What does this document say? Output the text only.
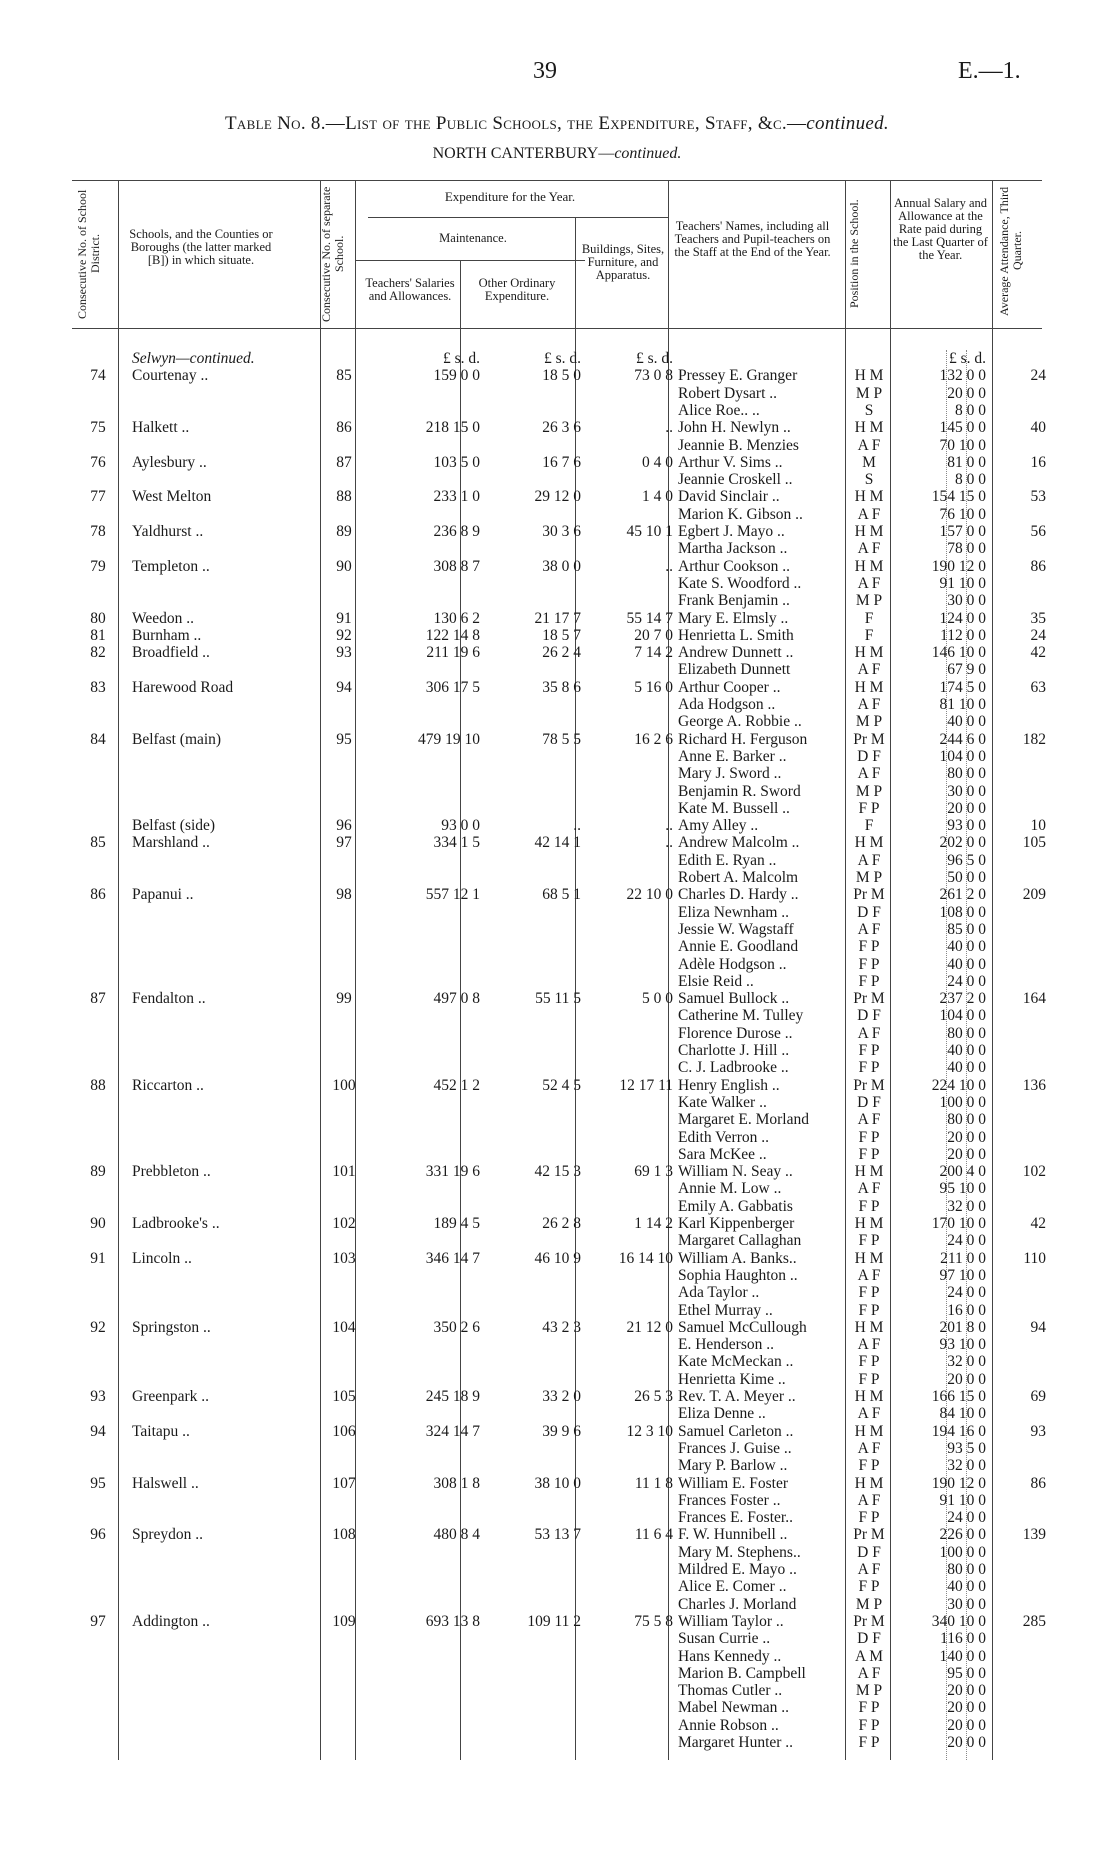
39	E.—1.
Table No. 8.—List of the Public Schools, the Expenditure, Staff, &c.—continued.
NORTH CANTERBURY—continued.
Consecutive No. of School District.
Schools, and the Counties or Boroughs (the latter marked [B]) in which situate.	Consecutive No. of separate School.
Expenditure for the Year.
Maintenance.
Teachers' Salaries and Allowances.
Other Ordinary Expenditure.
Buildings, Sites, Furniture, and Apparatus.
Teachers' Names, including all Teachers and Pupil-teachers on the Staff at the End of the Year.	Position in the School.	Annual Salary and Allowance at the Rate paid during the Last Quarter of the Year.	Average Attendance, Third Quarter.
£ s. d.	£ s. d.	£ s. d.	£ s. d.
Selwyn—continued.
74	Courtenay ..	85	159 0 0	18 5 0	73 0 8 Pressey E. Granger	H M	132 0 0	24
Robert Dysart ..	M P	20 0 0
Alice Roe.. ..	S	8 0 0
75	Halkett ..	86	218 15 0	26 3 6	.. John H. Newlyn ..	H M	145 0 0	40
Jeannie B. Menzies	A F	70 10 0
76	Aylesbury ..	87	103 5 0	16 7 6	0 4 0 Arthur V. Sims ..	M	81 0 0	16
Jeannie Croskell ..	S	8 0 0
77	West Melton	88	233 1 0	29 12 0	1 4 0 David Sinclair ..	H M	154 15 0	53
Marion K. Gibson ..	A F	76 10 0
78	Yaldhurst ..	89	236 8 9	30 3 6	45 10 1 Egbert J. Mayo ..	H M	157 0 0	56
Martha Jackson ..	A F	78 0 0
79	Templeton ..	90	308 8 7	38 0 0	.. Arthur Cookson ..	H M	190 12 0	86
Kate S. Woodford ..	A F	91 10 0
Frank Benjamin ..	M P	30 0 0
80	Weedon ..	91	130 6 2	21 17 7	55 14 7 Mary E. Elmsly ..	F	124 0 0	35
81	Burnham ..	92	122 14 8	18 5 7	20 7 0 Henrietta L. Smith	F	112 0 0	24
82	Broadfield ..	93	211 19 6	26 2 4	7 14 2 Andrew Dunnett ..	H M	146 10 0	42
Elizabeth Dunnett	A F	67 9 0
83	Harewood Road	94	306 17 5	35 8 6	5 16 0 Arthur Cooper ..	H M	174 5 0	63
Ada Hodgson ..	A F	81 10 0
George A. Robbie ..	M P	40 0 0
84	Belfast (main)	95	479 19 10	78 5 5	16 2 6 Richard H. Ferguson	Pr M	244 6 0	182
Anne E. Barker ..	D F	104 0 0
Mary J. Sword ..	A F	80 0 0
Benjamin R. Sword	M P	30 0 0
Kate M. Bussell ..	F P	20 0 0
Belfast (side)	96	93 0 0	..	.. Amy Alley ..	F	93 0 0	10
85	Marshland ..	97	334 1 5	42 14 1	.. Andrew Malcolm ..	H M	202 0 0	105
Edith E. Ryan ..	A F	96 5 0
Robert A. Malcolm	M P	50 0 0
86	Papanui ..	98	557 12 1	68 5 1	22 10 0 Charles D. Hardy ..	Pr M	261 2 0	209
Eliza Newnham ..	D F	108 0 0
Jessie W. Wagstaff	A F	85 0 0
Annie E. Goodland	F P	40 0 0
Adèle Hodgson ..	F P	40 0 0
Elsie Reid ..	F P	24 0 0
87	Fendalton ..	99	497 0 8	55 11 5	5 0 0 Samuel Bullock ..	Pr M	237 2 0	164
Catherine M. Tulley	D F	104 0 0
Florence Durose ..	A F	80 0 0
Charlotte J. Hill ..	F P	40 0 0
C. J. Ladbrooke ..	F P	40 0 0
88	Riccarton ..	100	452 1 2	52 4 5	12 17 11 Henry English ..	Pr M	224 10 0	136
Kate Walker ..	D F	100 0 0
Margaret E. Morland	A F	80 0 0
Edith Verron ..	F P	20 0 0
Sara McKee ..	F P	20 0 0
89	Prebbleton ..	101	331 19 6	42 15 3	69 1 3 William N. Seay ..	H M	200 4 0	102
Annie M. Low ..	A F	95 10 0
Emily A. Gabbatis	F P	32 0 0
90	Ladbrooke's ..	102	189 4 5	26 2 8	1 14 2 Karl Kippenberger	H M	170 10 0	42
Margaret Callaghan	F P	24 0 0
91	Lincoln ..	103	346 14 7	46 10 9	16 14 10 William A. Banks..	H M	211 0 0	110
Sophia Haughton ..	A F	97 10 0
Ada Taylor ..	F P	24 0 0
Ethel Murray ..	F P	16 0 0
92	Springston ..	104	350 2 6	43 2 3	21 12 0 Samuel McCullough	H M	201 8 0	94
E. Henderson ..	A F	93 10 0
Kate McMeckan ..	F P	32 0 0
Henrietta Kime ..	F P	20 0 0
93	Greenpark ..	105	245 18 9	33 2 0	26 5 3 Rev. T. A. Meyer ..	H M	166 15 0	69
Eliza Denne ..	A F	84 10 0
94	Taitapu ..	106	324 14 7	39 9 6	12 3 10 Samuel Carleton ..	H M	194 16 0	93
Frances J. Guise ..	A F	93 5 0
Mary P. Barlow ..	F P	32 0 0
95	Halswell ..	107	308 1 8	38 10 0	11 1 8 William E. Foster	H M	190 12 0	86
Frances Foster ..	A F	91 10 0
Frances E. Foster..	F P	24 0 0
96	Spreydon ..	108	480 8 4	53 13 7	11 6 4 F. W. Hunnibell ..	Pr M	226 0 0	139
Mary M. Stephens..	D F	100 0 0
Mildred E. Mayo ..	A F	80 0 0
Alice E. Comer ..	F P	40 0 0
Charles J. Morland	M P	30 0 0
97	Addington ..	109	693 13 8	109 11 2	75 5 8 William Taylor ..	Pr M	340 10 0	285
Susan Currie ..	D F	116 0 0
Hans Kennedy ..	A M	140 0 0
Marion B. Campbell	A F	95 0 0
Thomas Cutler ..	M P	20 0 0
Mabel Newman ..	F P	20 0 0
Annie Robson ..	F P	20 0 0
Margaret Hunter ..	F P	20 0 0
